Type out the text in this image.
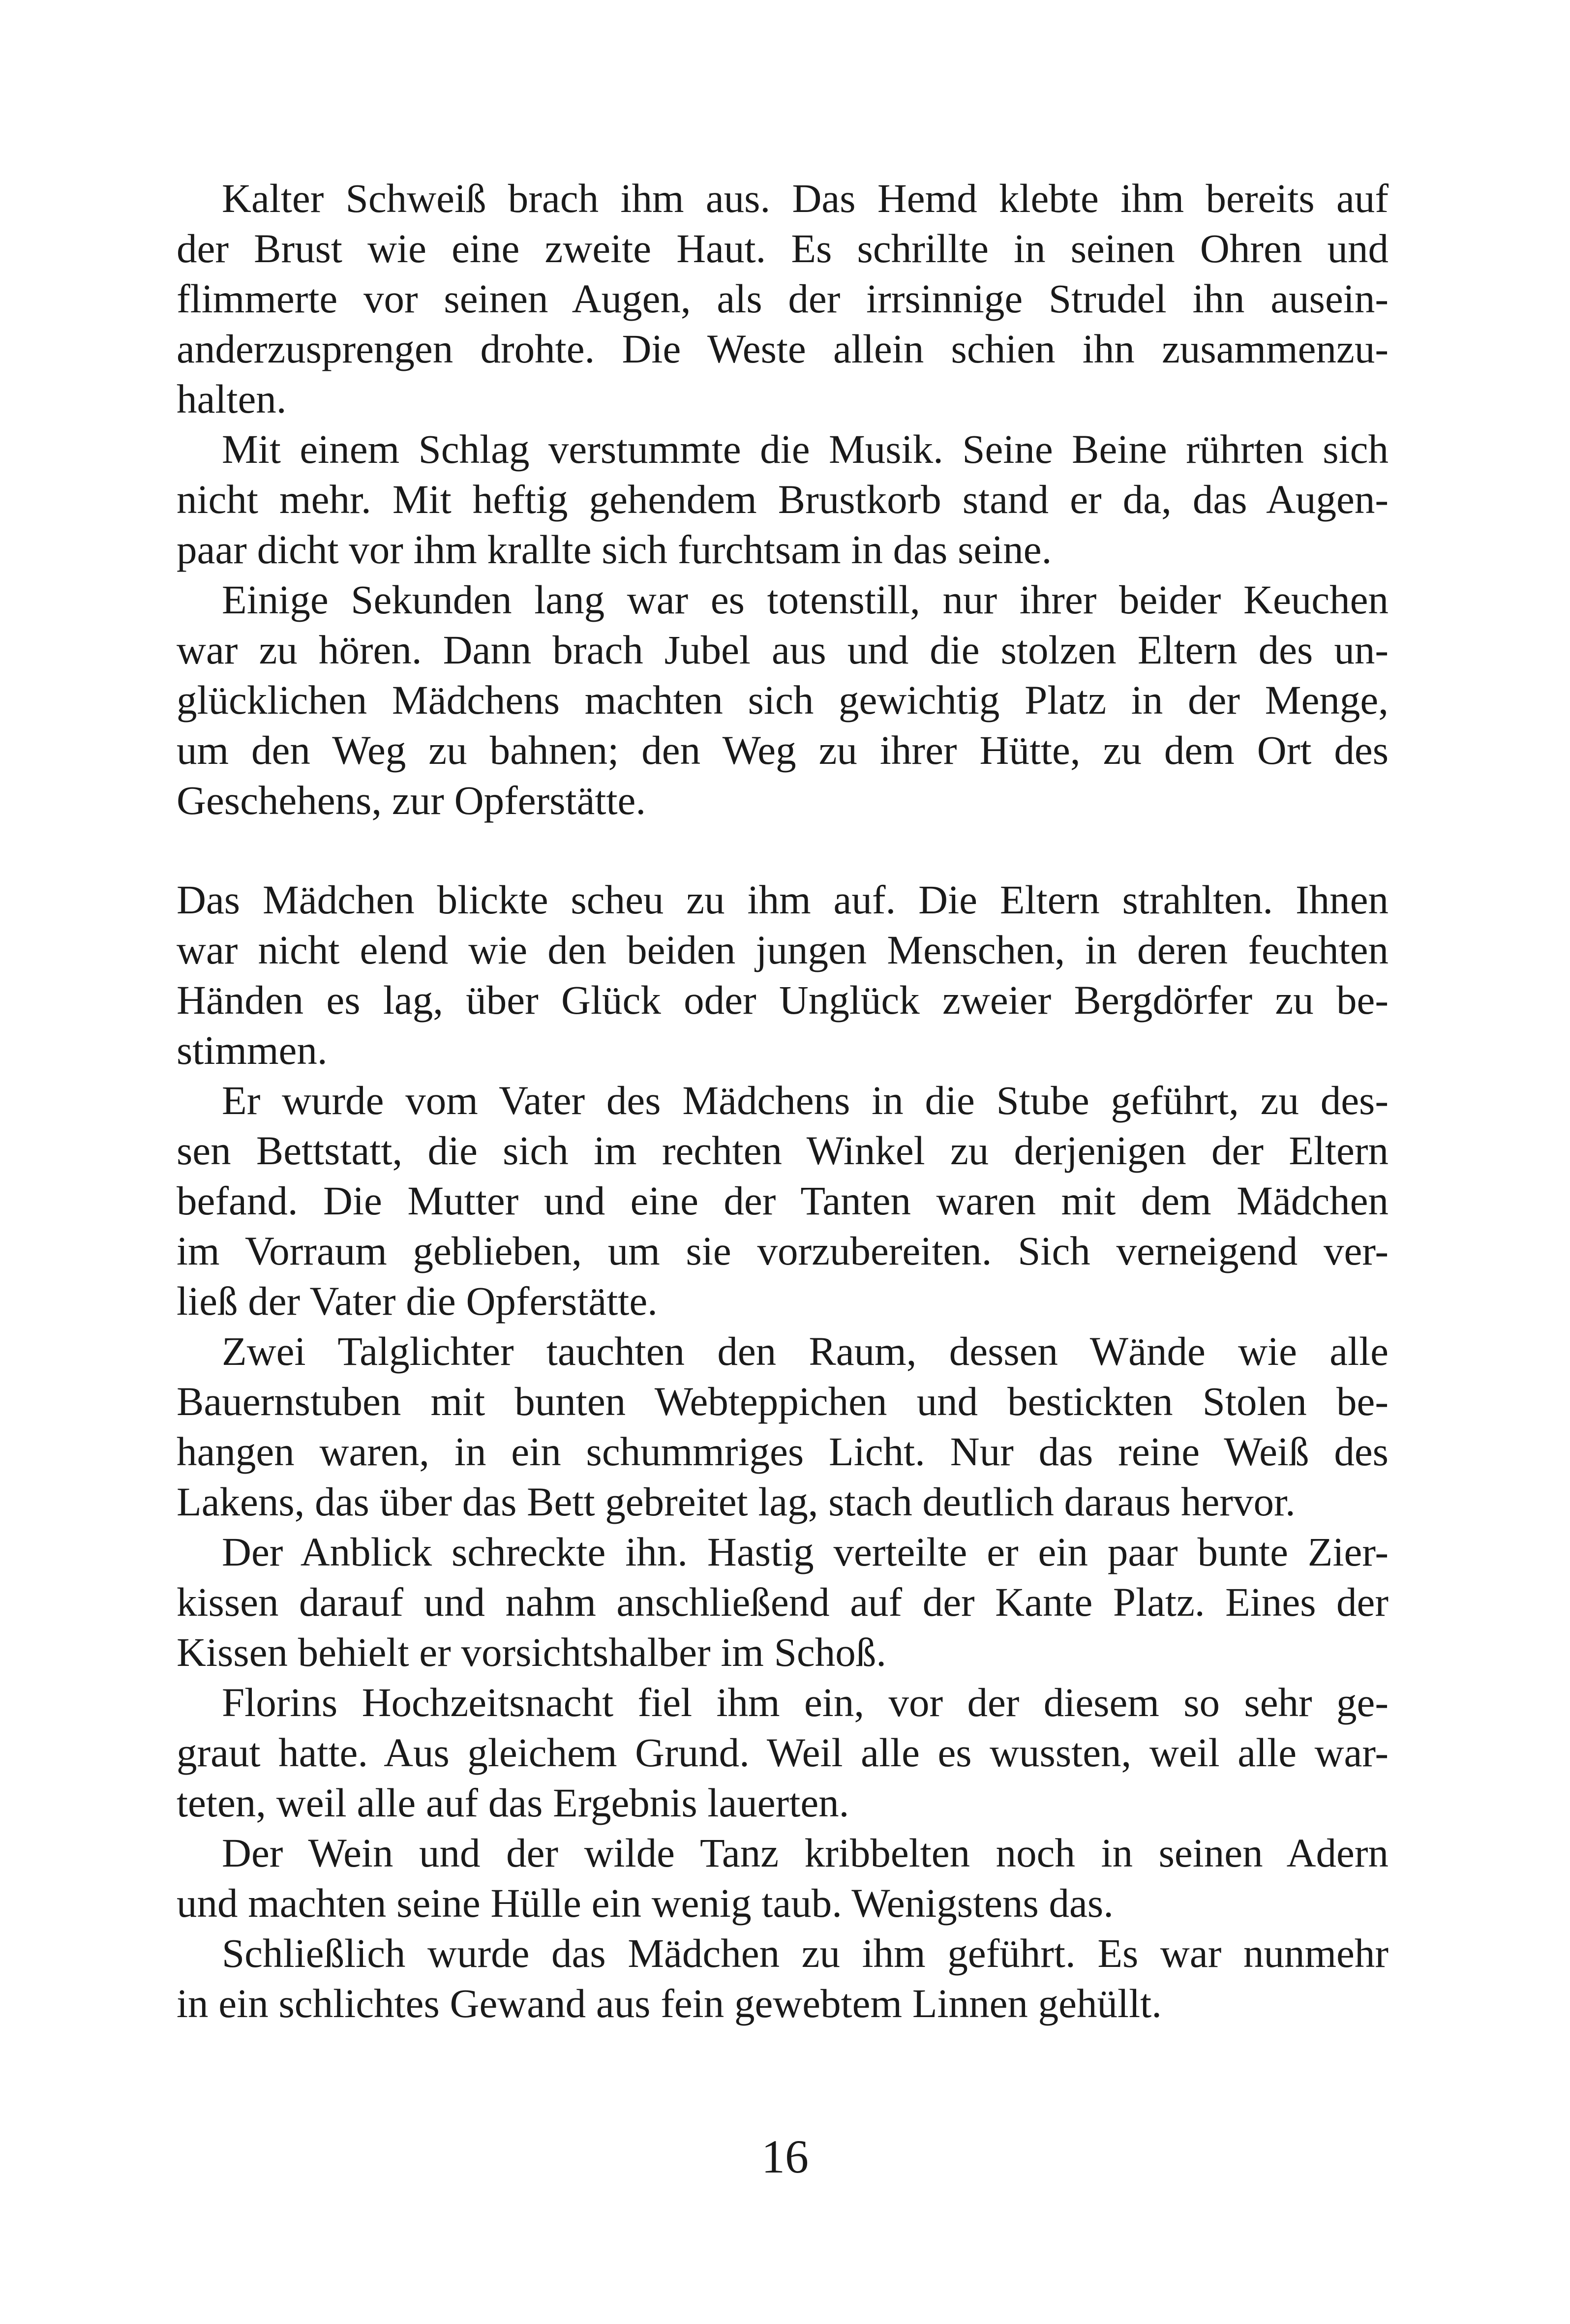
Kalter Schweiß brach ihm aus. Das Hemd klebte ihm bereits auf
der Brust wie eine zweite Haut. Es schrillte in seinen Ohren und
flimmerte vor seinen Augen, als der irrsinnige Strudel ihn ausein-
anderzusprengen drohte. Die Weste allein schien ihn zusammenzu-
halten.
Mit einem Schlag verstummte die Musik. Seine Beine rührten sich
nicht mehr. Mit heftig gehendem Brustkorb stand er da, das Augen-
paar dicht vor ihm krallte sich furchtsam in das seine.
Einige Sekunden lang war es totenstill, nur ihrer beider Keuchen
war zu hören. Dann brach Jubel aus und die stolzen Eltern des un-
glücklichen Mädchens machten sich gewichtig Platz in der Menge,
um den Weg zu bahnen; den Weg zu ihrer Hütte, zu dem Ort des
Geschehens, zur Opferstätte.
Das Mädchen blickte scheu zu ihm auf. Die Eltern strahlten. Ihnen
war nicht elend wie den beiden jungen Menschen, in deren feuchten
Händen es lag, über Glück oder Unglück zweier Bergdörfer zu be-
stimmen.
Er wurde vom Vater des Mädchens in die Stube geführt, zu des-
sen Bettstatt, die sich im rechten Winkel zu derjenigen der Eltern
befand. Die Mutter und eine der Tanten waren mit dem Mädchen
im Vorraum geblieben, um sie vorzubereiten. Sich verneigend ver-
ließ der Vater die Opferstätte.
Zwei Talglichter tauchten den Raum, dessen Wände wie alle
Bauernstuben mit bunten Webteppichen und bestickten Stolen be-
hangen waren, in ein schummriges Licht. Nur das reine Weiß des
Lakens, das über das Bett gebreitet lag, stach deutlich daraus hervor.
Der Anblick schreckte ihn. Hastig verteilte er ein paar bunte Zier-
kissen darauf und nahm anschließend auf der Kante Platz. Eines der
Kissen behielt er vorsichtshalber im Schoß.
Florins Hochzeitsnacht fiel ihm ein, vor der diesem so sehr ge-
graut hatte. Aus gleichem Grund. Weil alle es wussten, weil alle war-
teten, weil alle auf das Ergebnis lauerten.
Der Wein und der wilde Tanz kribbelten noch in seinen Adern
und machten seine Hülle ein wenig taub. Wenigstens das.
Schließlich wurde das Mädchen zu ihm geführt. Es war nunmehr
in ein schlichtes Gewand aus fein gewebtem Linnen gehüllt.
16
